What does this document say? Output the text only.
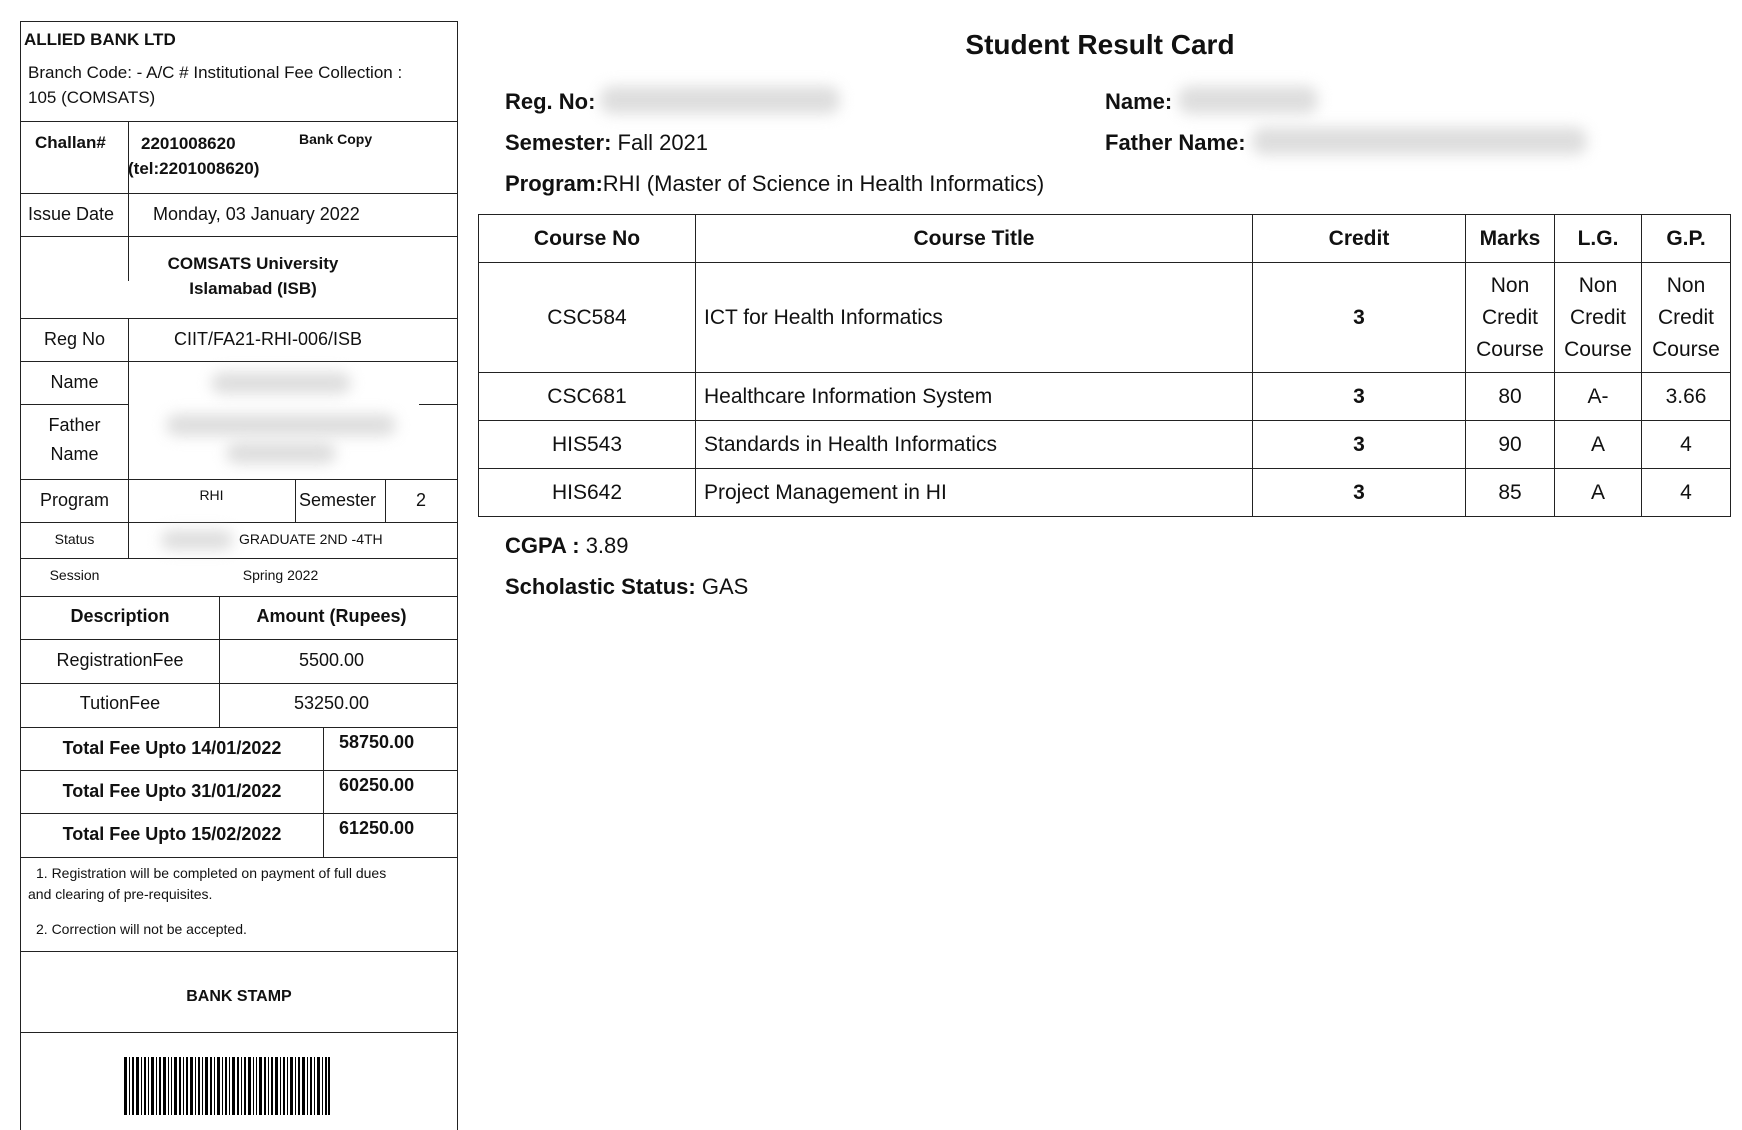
ALLIED BANK LTD
Branch Code: - A/C # Institutional Fee Collection :
105 (COMSATS)
Challan# 2201008620
(tel:2201008620)
Bank Copy
Issue Date Monday, 03 January 2022
COMSATS University
Islamabad (ISB)
Reg No	CIIT/FA21-RHI-006/ISB
Name
Father
Name
Program	RHI	Semester	2
Status	GRADUATE 2ND -4TH
Session	Spring 2022
Description	Amount (Rupees)
RegistrationFee	5500.00
TutionFee	53250.00
Total Fee Upto 14/01/2022	58750.00
Total Fee Upto 31/01/2022	60250.00
Total Fee Upto 15/02/2022	61250.00
1. Registration will be completed on payment of full dues
and clearing of pre-requisites.
2. Correction will not be accepted.
BANK STAMP
Student Result Card
Reg. No:	Name:
Semester: Fall 2021	Father Name:
Program:RHI (Master of Science in Health Informatics)
Course No	Course Title	Credit	Marks	L.G.	G.P.
CSC584	ICT for Health Informatics	3	Non Credit Course	Non Credit Course	Non Credit Course
CSC681	Healthcare Information System	3	80	A-	3.66
HIS543	Standards in Health Informatics	3	90	A	4
HIS642	Project Management in HI	3	85	A	4
CGPA : 3.89
Scholastic Status: GAS
